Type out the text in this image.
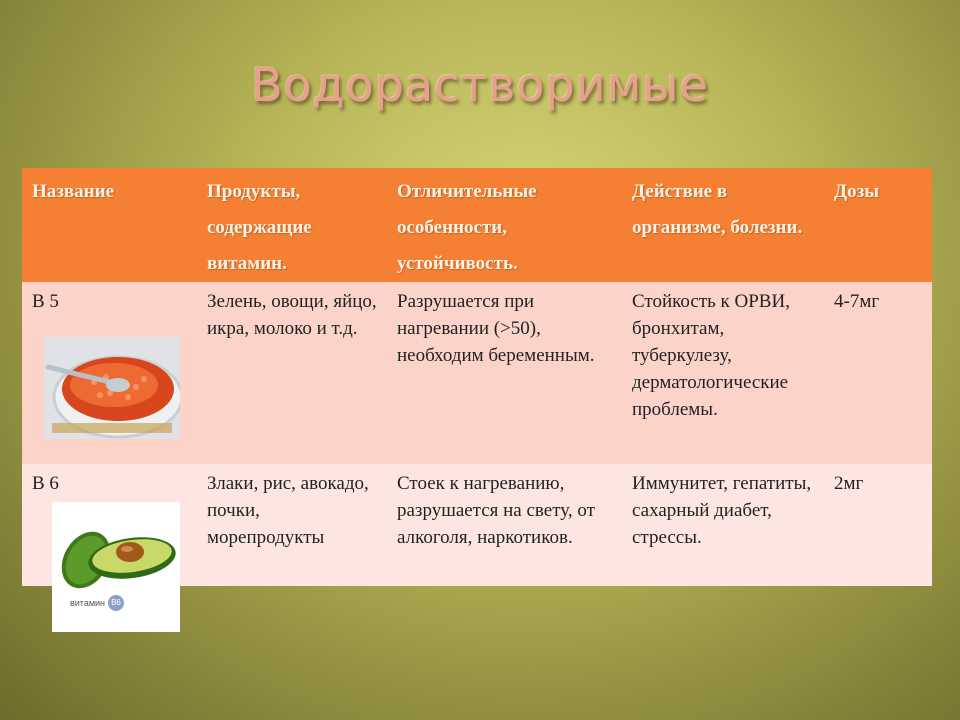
Водорастворимые
Название	Продукты, содержащие витамин.	Отличительные особенности, устойчивость.	Действие в организме, болезни.	Дозы
В 5	Зелень, овощи, яйцо, икра, молоко и т.д.	Разрушается при нагревании (>50), необходим беременным.	Стойкость к ОРВИ, бронхитам, туберкулезу, дерматологические проблемы.	4-7мг
В 6	Злаки, рис, авокадо, почки, морепродукты	Стоек к нагреванию, разрушается на свету, от алкоголя, наркотиков.	Иммунитет, гепатиты, сахарный диабет, стрессы.	2мг
витамин B6
